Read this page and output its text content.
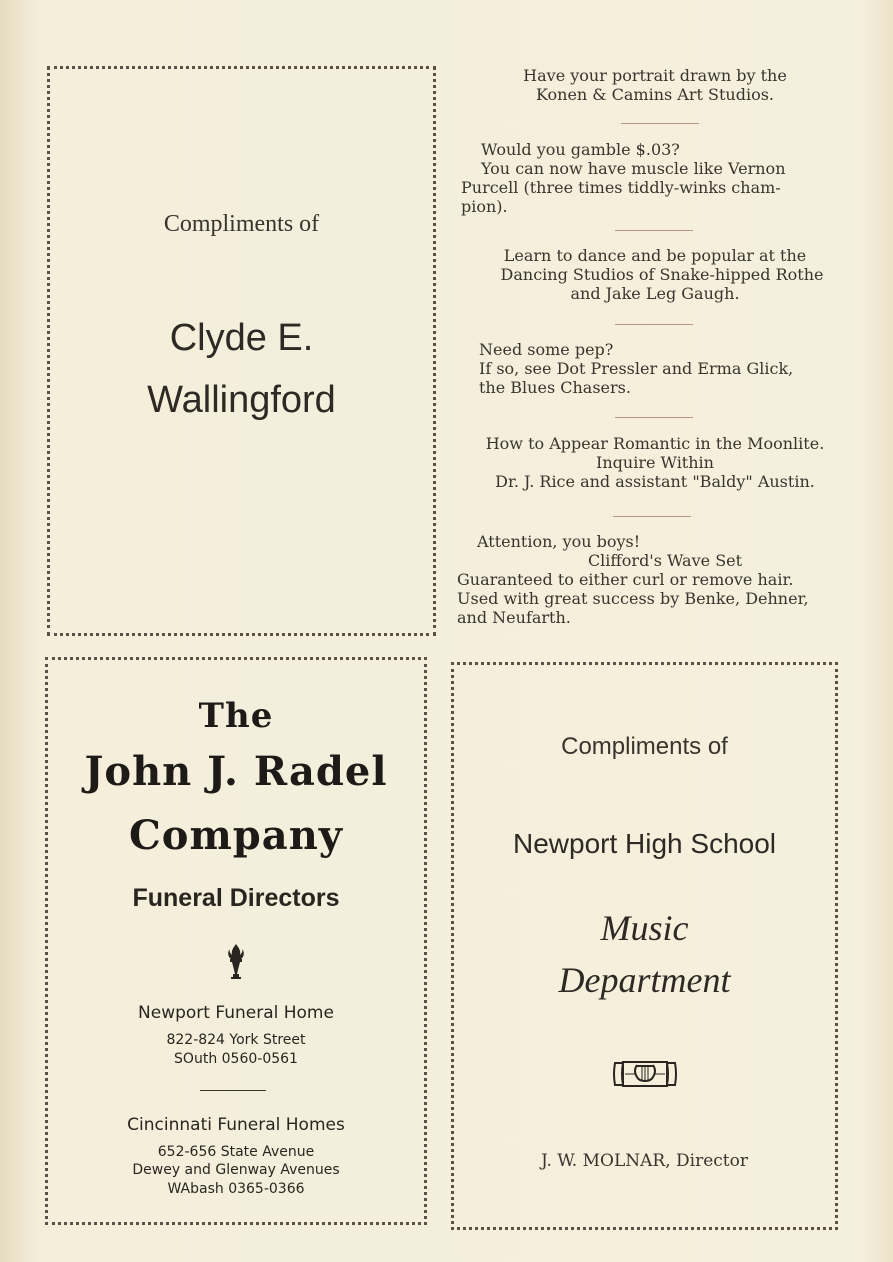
Compliments of
Clyde E.
Wallingford

Have your portrait drawn by the

Konen & Camins Art Studios.

Would you gamble $.03?

You can now have muscle like Vernon

Purcell (three times tiddly-winks cham-

pion).

Learn to dance and be popular at the

Dancing Studios of Snake-hipped Rothe

and Jake Leg Gaugh.

Need some pep?

If so, see Dot Pressler and Erma Glick,

the Blues Chasers.

How to Appear Romantic in the Moonlite.

Inquire Within

Dr. J. Rice and assistant "Baldy" Austin.

Attention, you boys!

Clifford's Wave Set

Guaranteed to either curl or remove hair.

Used with great success by Benke, Dehner,

and Neufarth.

The
John J. Radel
Company
Funeral Directors
Newport Funeral Home
822-824 York Street
SOuth 0560-0561
Cincinnati Funeral Homes
652-656 State Avenue
Dewey and Glenway Avenues
WAbash 0365-0366
Compliments of
Newport High School
Music
Department
J. W. MOLNAR, Director
